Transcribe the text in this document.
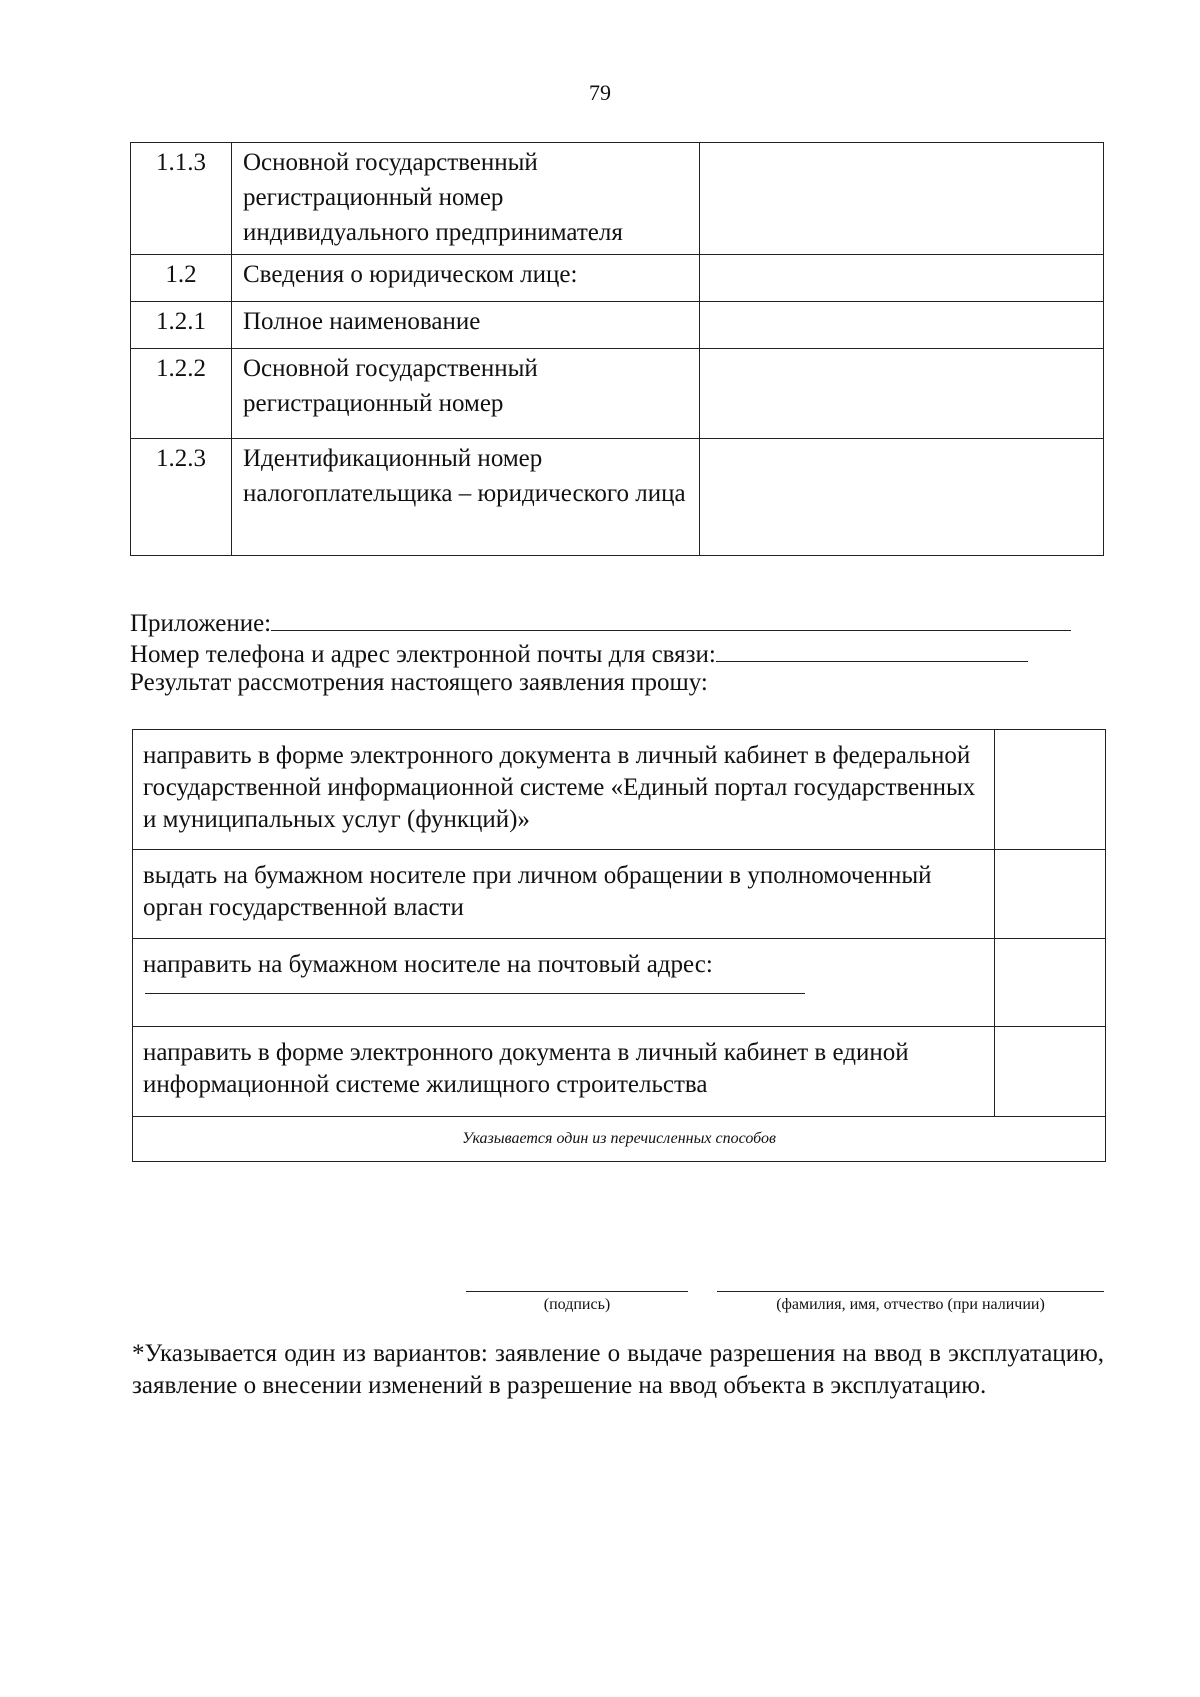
79
1.1.3	Основной государственный регистрационный номер индивидуального предпринимателя	
1.2	Сведения о юридическом лице:	
1.2.1	Полное наименование	
1.2.2	Основной государственный регистрационный номер	
1.2.3	Идентификационный номер налогоплательщика – юридического лица	
Приложение:
Номер телефона и адрес электронной почты для связи:
Результат рассмотрения настоящего заявления прошу:
направить в форме электронного документа в личный кабинет в федеральной государственной информационной системе «Единый портал государственных и муниципальных услуг (функций)»	
выдать на бумажном носителе при личном обращении в уполномоченный орган государственной власти	

направить на бумажном носителе на почтовый адрес:	

направить в форме электронного документа в личный кабинет в единой информационной системе жилищного строительства	
Указывается один из перечисленных способов	
(подпись)	(фамилия, имя, отчество (при наличии)
*Указывается один из вариантов: заявление о выдаче разрешения на ввод в эксплуатацию, заявление о внесении изменений в разрешение на ввод объекта в эксплуатацию.
